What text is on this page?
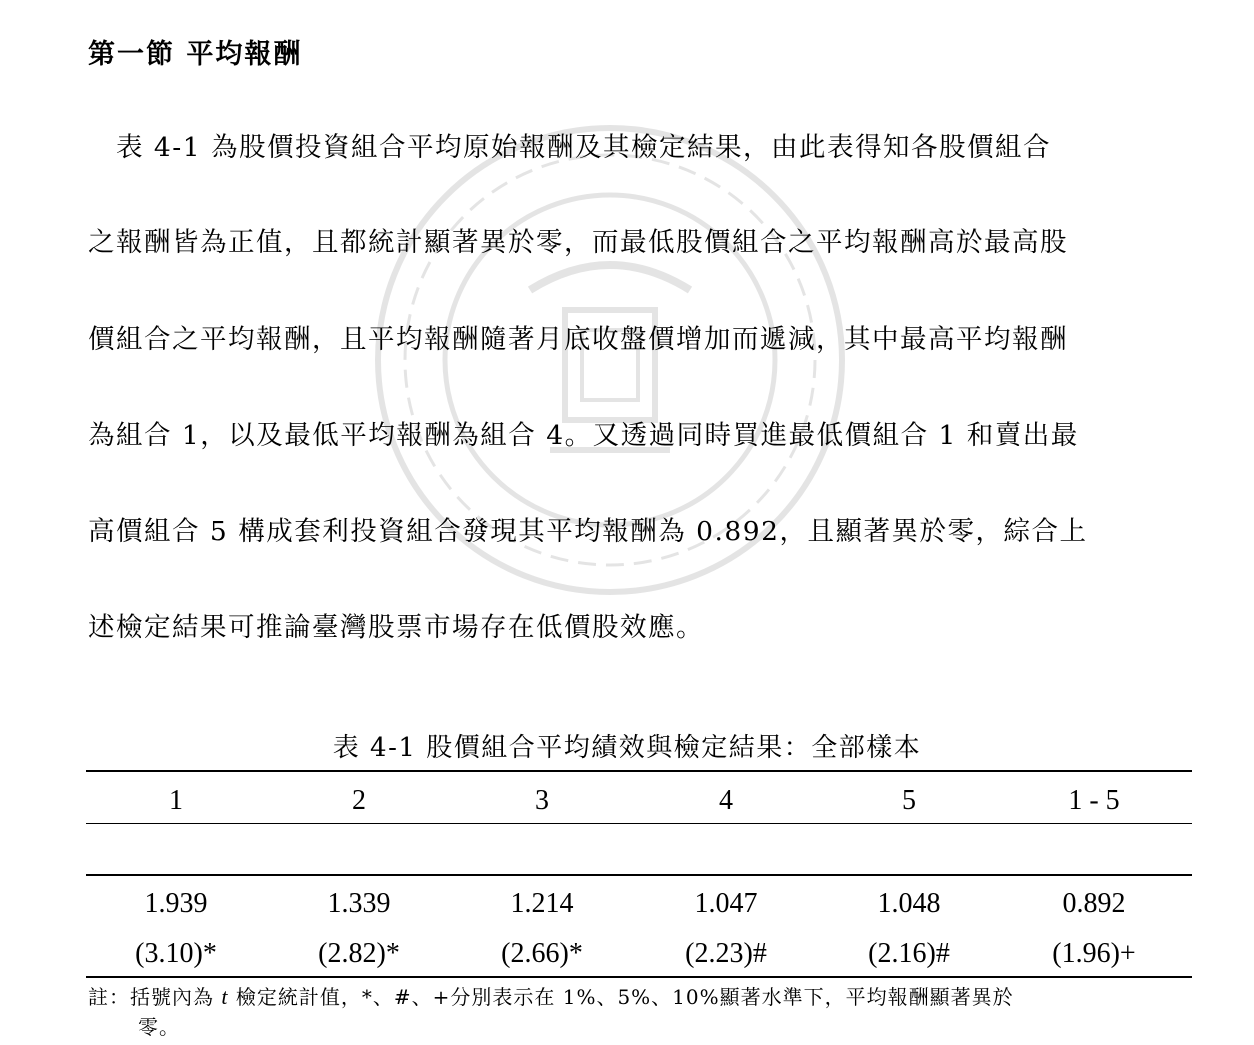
第一節 平均報酬
　表 4-1 為股價投資組合平均原始報酬及其檢定結果，由此表得知各股價組合
之報酬皆為正值，且都統計顯著異於零，而最低股價組合之平均報酬高於最高股
價組合之平均報酬，且平均報酬隨著月底收盤價增加而遞減，其中最高平均報酬
為組合 1，以及最低平均報酬為組合 4。又透過同時買進最低價組合 1 和賣出最
高價組合 5 構成套利投資組合發現其平均報酬為 0.892，且顯著異於零，綜合上
述檢定結果可推論臺灣股票市場存在低價股效應。
表 4-1 股價組合平均績效與檢定結果：全部樣本
1	2	3	4	5	1 - 5
1.939	1.339	1.214	1.047	1.048	0.892
(3.10)*	(2.82)*	(2.66)*	(2.23)#	(2.16)#	(1.96)+
註：括號內為 t 檢定統計值，*、#、+分別表示在 1%、5%、10%顯著水準下，平均報酬顯著異於
零。
